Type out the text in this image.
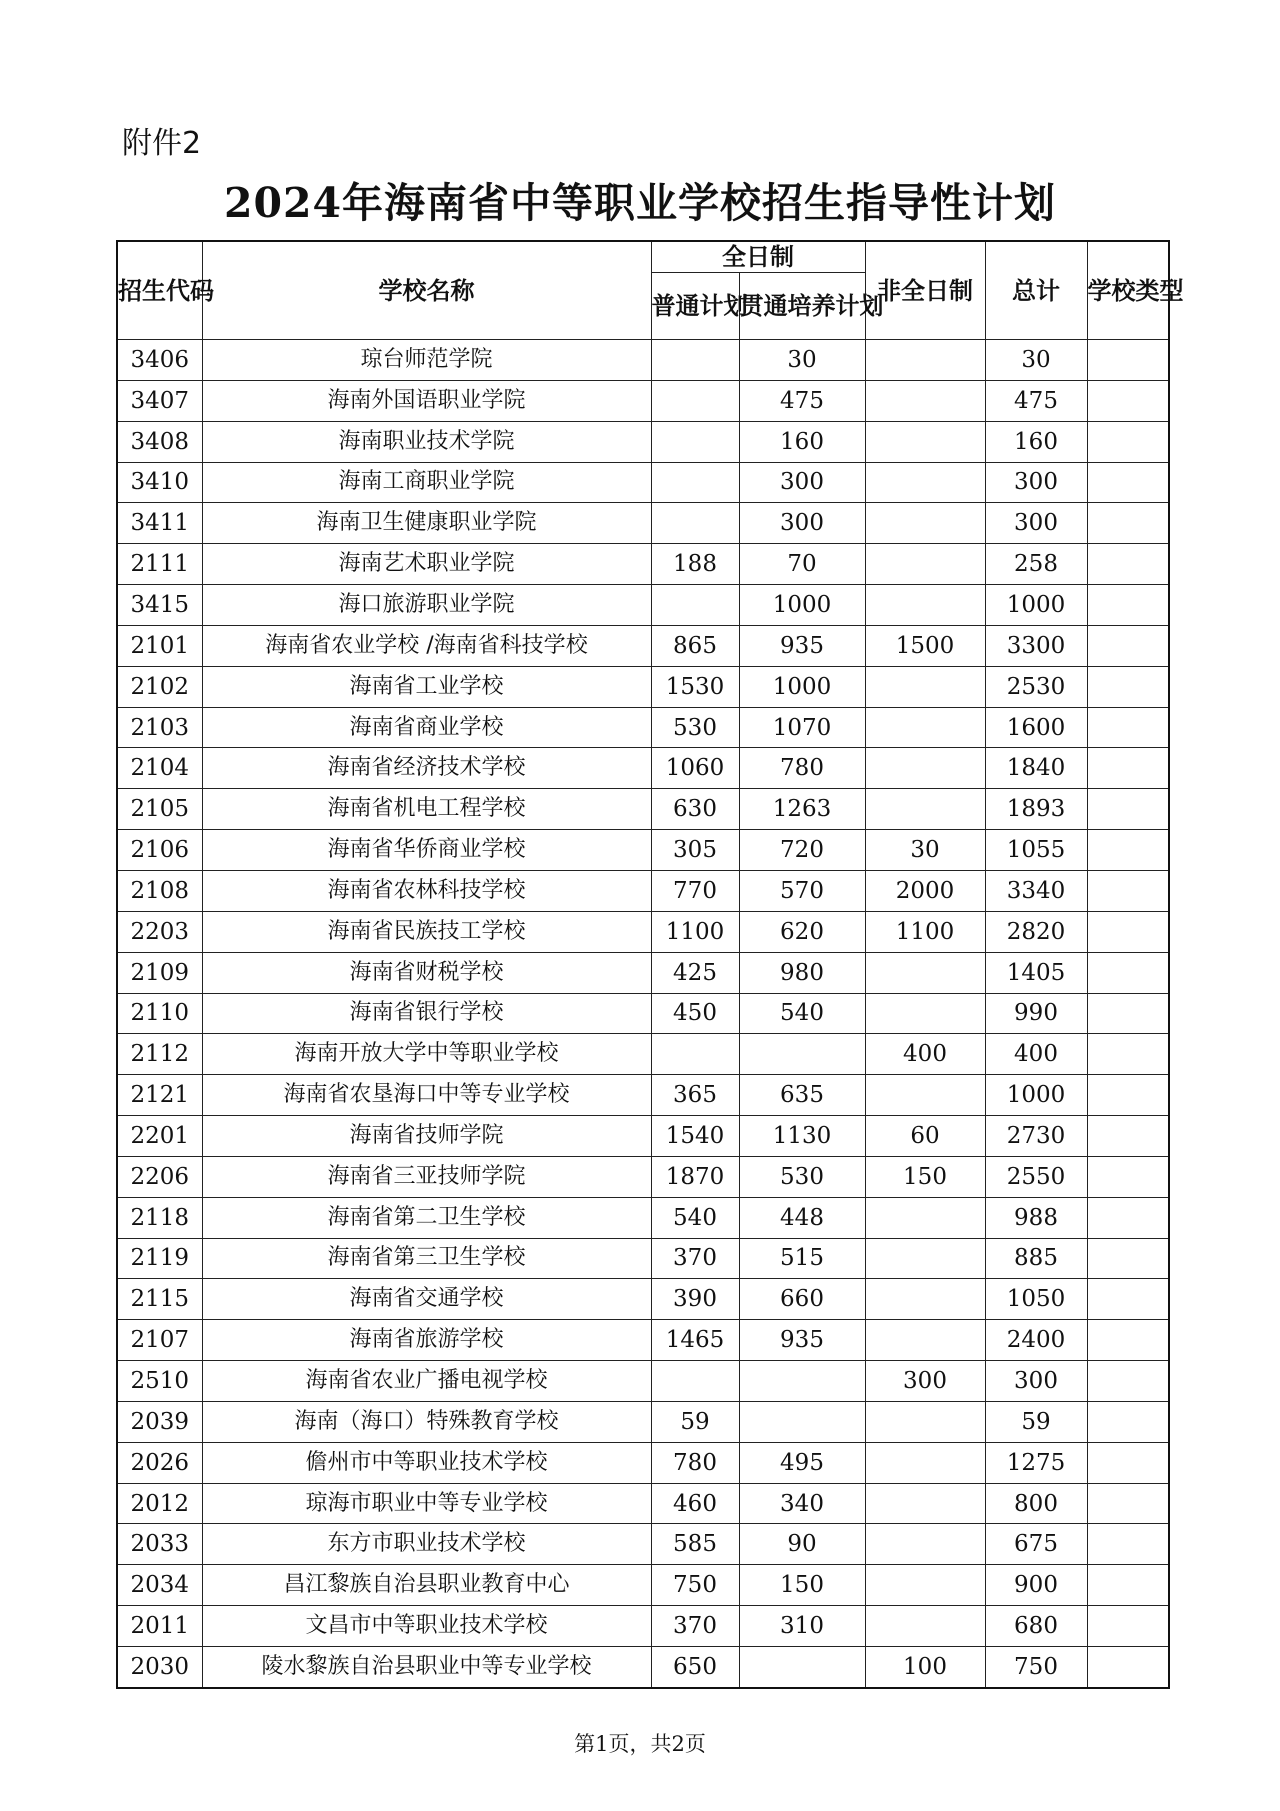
附件2
2024年海南省中等职业学校招生指导性计划
招生代码	学校名称	全日制		非全日制	总计	学校类型
		普通计划	贯通培养计划			
3406	琼台师范学院		30		30	
3407	海南外国语职业学院		475		475	
3408	海南职业技术学院		160		160	
3410	海南工商职业学院		300		300	
3411	海南卫生健康职业学院		300		300	
2111	海南艺术职业学院	188	70		258	
3415	海口旅游职业学院		1000		1000	
2101	海南省农业学校 /海南省科技学校	865	935	1500	3300	
2102	海南省工业学校	1530	1000		2530	
2103	海南省商业学校	530	1070		1600	
2104	海南省经济技术学校	1060	780		1840	
2105	海南省机电工程学校	630	1263		1893	
2106	海南省华侨商业学校	305	720	30	1055	
2108	海南省农林科技学校	770	570	2000	3340	
2203	海南省民族技工学校	1100	620	1100	2820	
2109	海南省财税学校	425	980		1405	
2110	海南省银行学校	450	540		990	
2112	海南开放大学中等职业学校			400	400	
2121	海南省农垦海口中等专业学校	365	635		1000	
2201	海南省技师学院	1540	1130	60	2730	
2206	海南省三亚技师学院	1870	530	150	2550	
2118	海南省第二卫生学校	540	448		988	
2119	海南省第三卫生学校	370	515		885	
2115	海南省交通学校	390	660		1050	
2107	海南省旅游学校	1465	935		2400	
2510	海南省农业广播电视学校			300	300	
2039	海南（海口）特殊教育学校	59			59	
2026	儋州市中等职业技术学校	780	495		1275	
2012	琼海市职业中等专业学校	460	340		800	
2033	东方市职业技术学校	585	90		675	
2034	昌江黎族自治县职业教育中心	750	150		900	
2011	文昌市中等职业技术学校	370	310		680	
2030	陵水黎族自治县职业中等专业学校	650		100	750	
第1页，共2页
